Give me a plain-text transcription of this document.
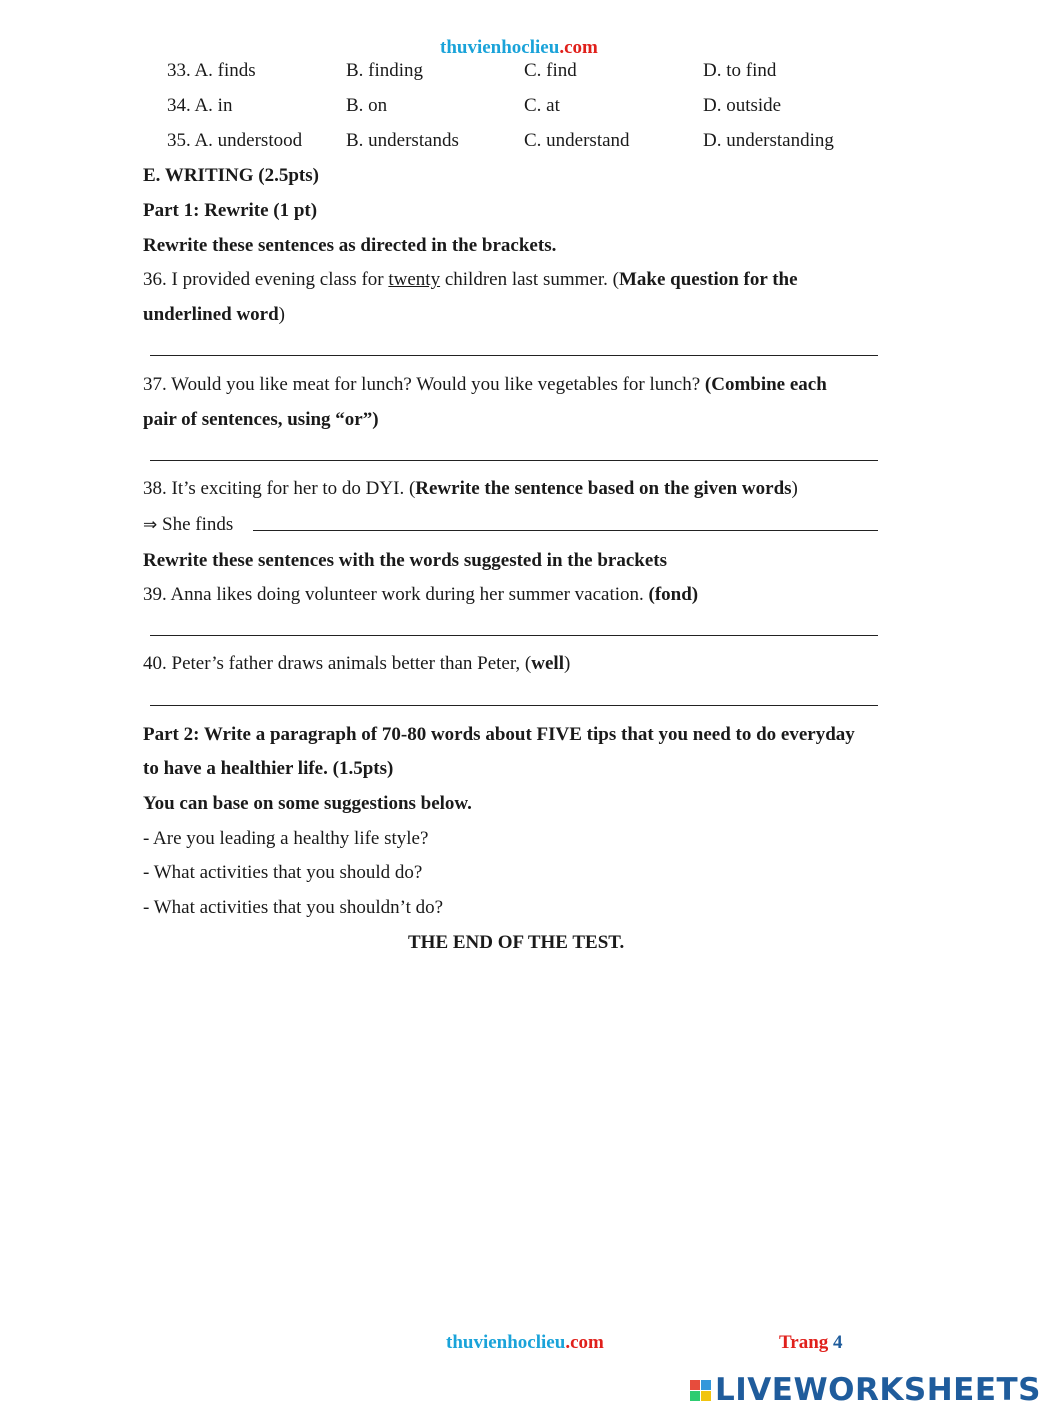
thuvienhoclieu.com
33. A. finds	B. finding	C. find	D. to find
34. A. in	B. on	C. at	D. outside
35. A. understood B. understands	C. understand	D. understanding
E. WRITING (2.5pts)
Part 1: Rewrite (1 pt)
Rewrite these sentences as directed in the brackets.
36. I provided evening class for twenty children last summer. (Make question for the
underlined word)
37. Would you like meat for lunch? Would you like vegetables for lunch? (Combine each
pair of sentences, using “or”)
38. It’s exciting for her to do DYI. (Rewrite the sentence based on the given words)
⇒ She finds
Rewrite these sentences with the words suggested in the brackets
39. Anna likes doing volunteer work during her summer vacation. (fond)
40. Peter’s father draws animals better than Peter, (well)
Part 2: Write a paragraph of 70-80 words about FIVE tips that you need to do everyday
to have a healthier life. (1.5pts)
You can base on some suggestions below.
- Are you leading a healthy life style?
- What activities that you should do?
- What activities that you shouldn’t do?
THE END OF THE TEST.
thuvienhoclieu.com	Trang 4
LIVEWORKSHEETS
